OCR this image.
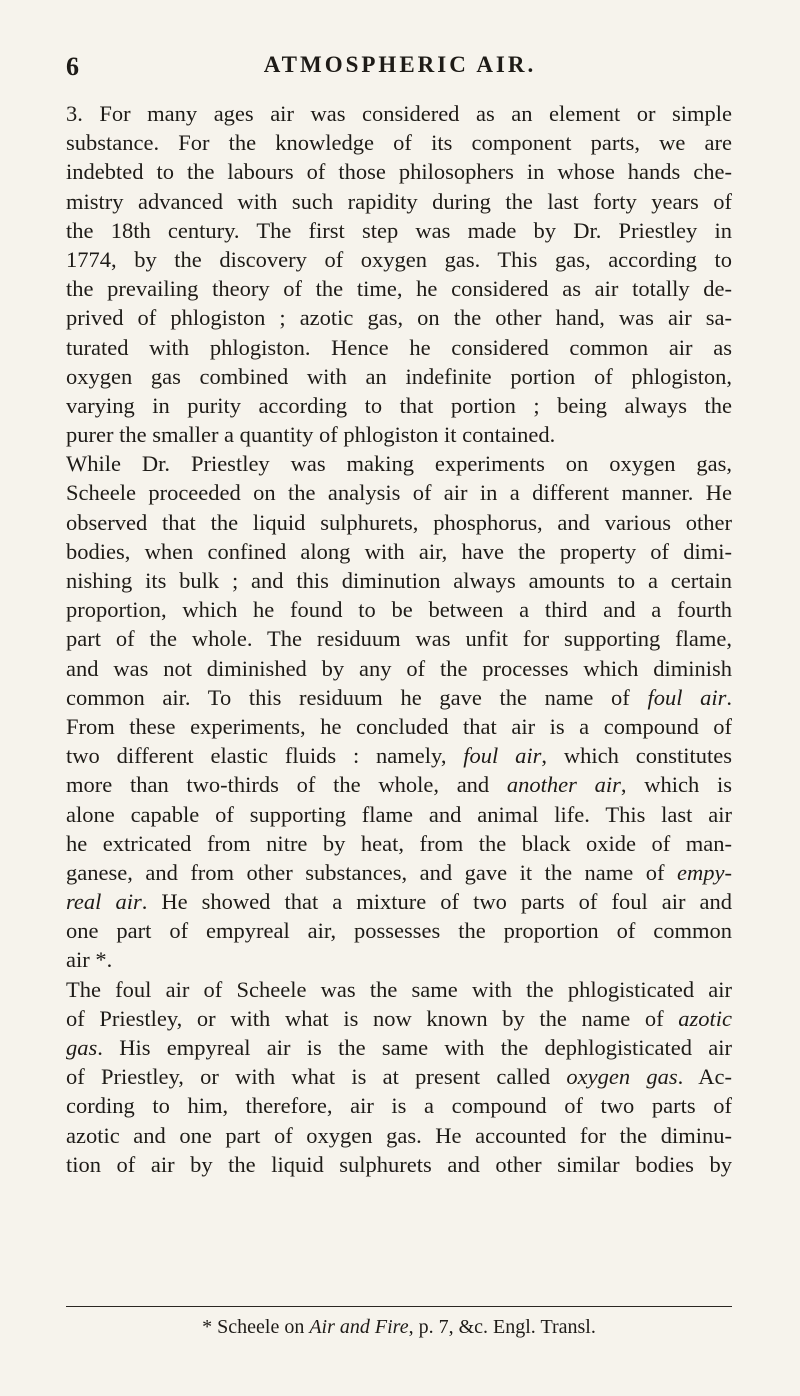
6	ATMOSPHERIC AIR.
3. For many ages air was considered as an element or simple
substance. For the knowledge of its component parts, we are
indebted to the labours of those philosophers in whose hands che-
mistry advanced with such rapidity during the last forty years of
the 18th century. The first step was made by Dr. Priestley in
1774, by the discovery of oxygen gas. This gas, according to
the prevailing theory of the time, he considered as air totally de-
prived of phlogiston ; azotic gas, on the other hand, was air sa-
turated with phlogiston. Hence he considered common air as
oxygen gas combined with an indefinite portion of phlogiston,
varying in purity according to that portion ; being always the
purer the smaller a quantity of phlogiston it contained.
While Dr. Priestley was making experiments on oxygen gas,
Scheele proceeded on the analysis of air in a different manner. He
observed that the liquid sulphurets, phosphorus, and various other
bodies, when confined along with air, have the property of dimi-
nishing its bulk ; and this diminution always amounts to a certain
proportion, which he found to be between a third and a fourth
part of the whole. The residuum was unfit for supporting flame,
and was not diminished by any of the processes which diminish
common air. To this residuum he gave the name of foul air.
From these experiments, he concluded that air is a compound of
two different elastic fluids : namely, foul air, which constitutes
more than two-thirds of the whole, and another air, which is
alone capable of supporting flame and animal life. This last air
he extricated from nitre by heat, from the black oxide of man-
ganese, and from other substances, and gave it the name of empy-
real air. He showed that a mixture of two parts of foul air and
one part of empyreal air, possesses the proportion of common
air *.
The foul air of Scheele was the same with the phlogisticated air
of Priestley, or with what is now known by the name of azotic
gas. His empyreal air is the same with the dephlogisticated air
of Priestley, or with what is at present called oxygen gas. Ac-
cording to him, therefore, air is a compound of two parts of
azotic and one part of oxygen gas. He accounted for the diminu-
tion of air by the liquid sulphurets and other similar bodies by
* Scheele on Air and Fire, p. 7, &c. Engl. Transl.
